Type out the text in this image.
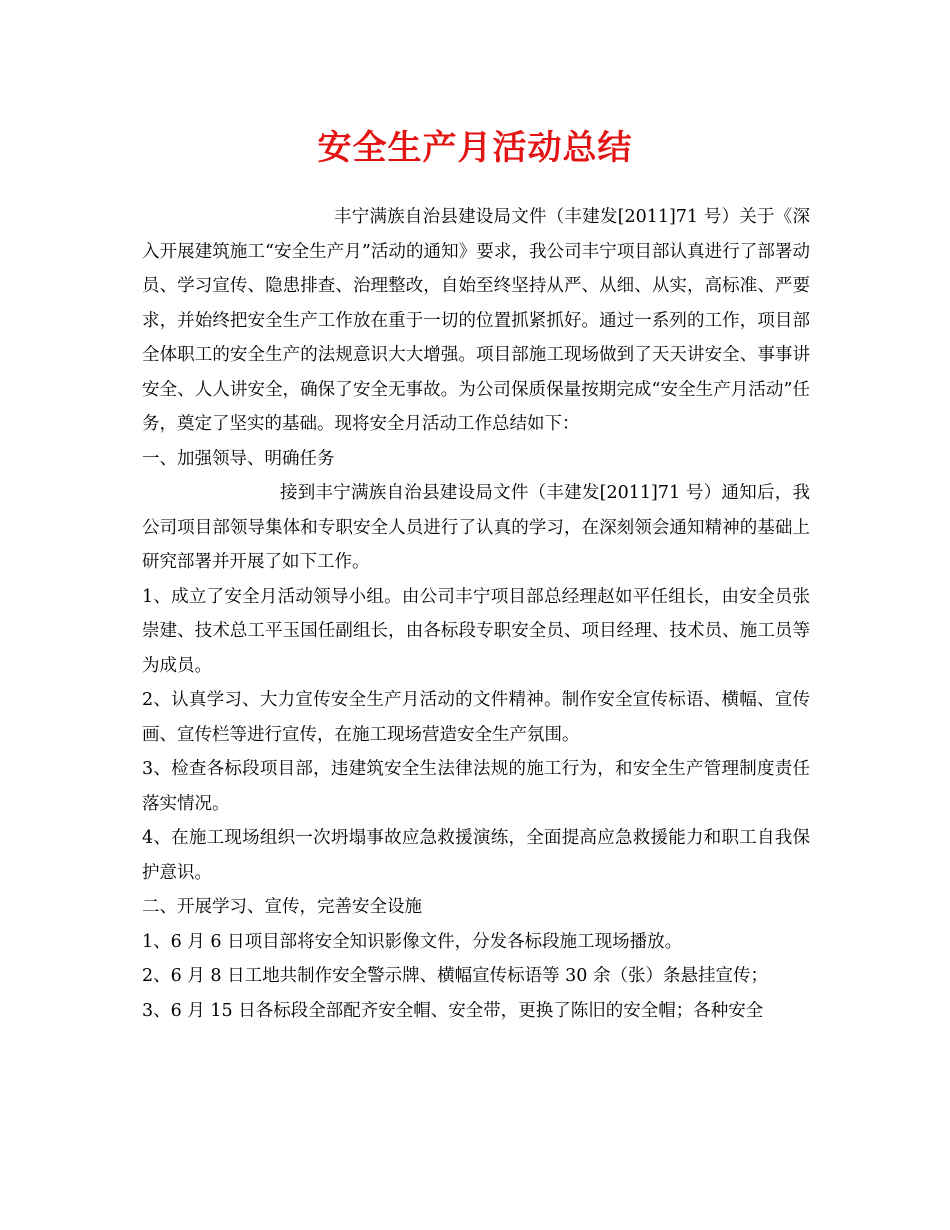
安全生产月活动总结

丰宁满族自治县建设局文件（丰建发[2011]71 号）关于《深入开展建筑施工“安全生产月”活动的通知》要求，我公司丰宁项目部认真进行了部署动员、学习宣传、隐患排查、治理整改，自始至终坚持从严、从细、从实，高标准、严要求，并始终把安全生产工作放在重于一切的位置抓紧抓好。通过一系列的工作，项目部全体职工的安全生产的法规意识大大增强。项目部施工现场做到了天天讲安全、事事讲安全、人人讲安全，确保了安全无事故。为公司保质保量按期完成“安全生产月活动”任务，奠定了坚实的基础。现将安全月活动工作总结如下：

一、加强领导、明确任务

接到丰宁满族自治县建设局文件（丰建发[2011]71 号）通知后，我公司项目部领导集体和专职安全人员进行了认真的学习，在深刻领会通知精神的基础上研究部署并开展了如下工作。

1、成立了安全月活动领导小组。由公司丰宁项目部总经理赵如平任组长，由安全员张崇建、技术总工平玉国任副组长，由各标段专职安全员、项目经理、技术员、施工员等为成员。

2、认真学习、大力宣传安全生产月活动的文件精神。制作安全宣传标语、横幅、宣传画、宣传栏等进行宣传，在施工现场营造安全生产氛围。

3、检查各标段项目部，违建筑安全生法律法规的施工行为，和安全生产管理制度责任落实情况。

4、在施工现场组织一次坍塌事故应急救援演练，全面提高应急救援能力和职工自我保护意识。

二、开展学习、宣传，完善安全设施

1、6 月 6 日项目部将安全知识影像文件，分发各标段施工现场播放。

2、6 月 8 日工地共制作安全警示牌、横幅宣传标语等 30 余（张）条悬挂宣传；

3、6 月 15 日各标段全部配齐安全帽、安全带，更换了陈旧的安全帽；各种安全
